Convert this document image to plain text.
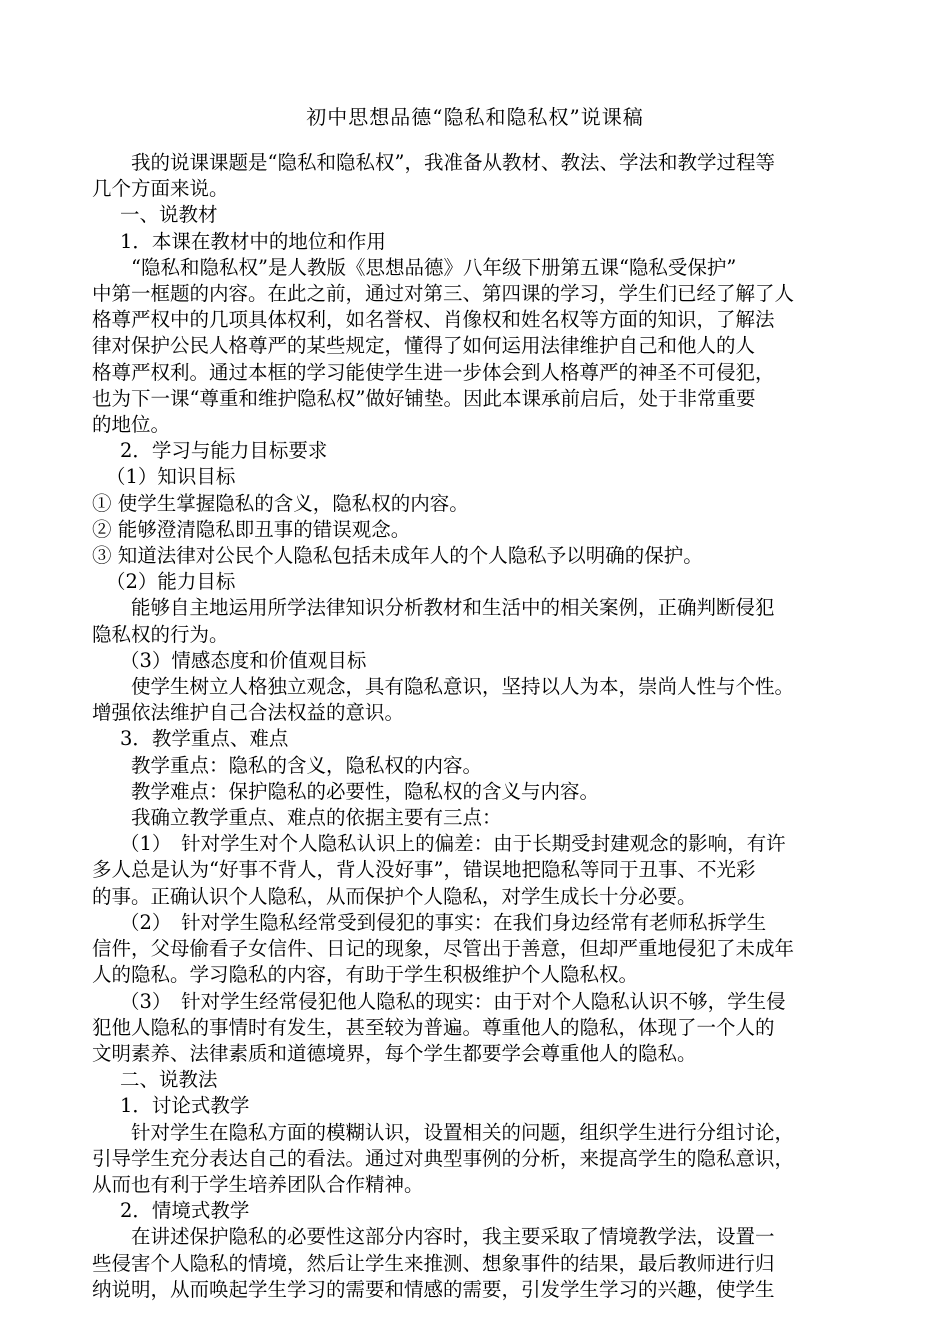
初中思想品德“隐私和隐私权”说课稿

我的说课课题是“隐私和隐私权”，我准备从教材、教法、学法和教学过程等

几个方面来说。

一、说教材

1．本课在教材中的地位和作用

“隐私和隐私权”是人教版《思想品德》八年级下册第五课“隐私受保护”

中第一框题的内容。在此之前，通过对第三、第四课的学习，学生们已经了解了人

格尊严权中的几项具体权利，如名誉权、肖像权和姓名权等方面的知识，了解法

律对保护公民人格尊严的某些规定，懂得了如何运用法律维护自己和他人的人

格尊严权利。通过本框的学习能使学生进一步体会到人格尊严的神圣不可侵犯，

也为下一课“尊重和维护隐私权”做好铺垫。因此本课承前启后，处于非常重要

的地位。

2．学习与能力目标要求

（1）知识目标

① 使学生掌握隐私的含义，隐私权的内容。

② 能够澄清隐私即丑事的错误观念。

③ 知道法律对公民个人隐私包括未成年人的个人隐私予以明确的保护。

（2）能力目标

能够自主地运用所学法律知识分析教材和生活中的相关案例，正确判断侵犯

隐私权的行为。

（3）情感态度和价值观目标

使学生树立人格独立观念，具有隐私意识，坚持以人为本，崇尚人性与个性。

增强依法维护自己合法权益的意识。

3．教学重点、难点

教学重点：隐私的含义，隐私权的内容。

教学难点：保护隐私的必要性，隐私权的含义与内容。

我确立教学重点、难点的依据主要有三点：

（1）　针对学生对个人隐私认识上的偏差：由于长期受封建观念的影响，有许

多人总是认为“好事不背人，背人没好事”，错误地把隐私等同于丑事、不光彩

的事。正确认识个人隐私，从而保护个人隐私，对学生成长十分必要。

（2）　针对学生隐私经常受到侵犯的事实：在我们身边经常有老师私拆学生

信件，父母偷看子女信件、日记的现象，尽管出于善意，但却严重地侵犯了未成年

人的隐私。学习隐私的内容，有助于学生积极维护个人隐私权。

（3）　针对学生经常侵犯他人隐私的现实：由于对个人隐私认识不够，学生侵

犯他人隐私的事情时有发生，甚至较为普遍。尊重他人的隐私，体现了一个人的

文明素养、法律素质和道德境界，每个学生都要学会尊重他人的隐私。

二、说教法

1．讨论式教学

针对学生在隐私方面的模糊认识，设置相关的问题，组织学生进行分组讨论，

引导学生充分表达自己的看法。通过对典型事例的分析，来提高学生的隐私意识，

从而也有利于学生培养团队合作精神。

2．情境式教学

在讲述保护隐私的必要性这部分内容时，我主要采取了情境教学法，设置一

些侵害个人隐私的情境，然后让学生来推测、想象事件的结果，最后教师进行归

纳说明，从而唤起学生学习的需要和情感的需要，引发学生学习的兴趣，使学生
